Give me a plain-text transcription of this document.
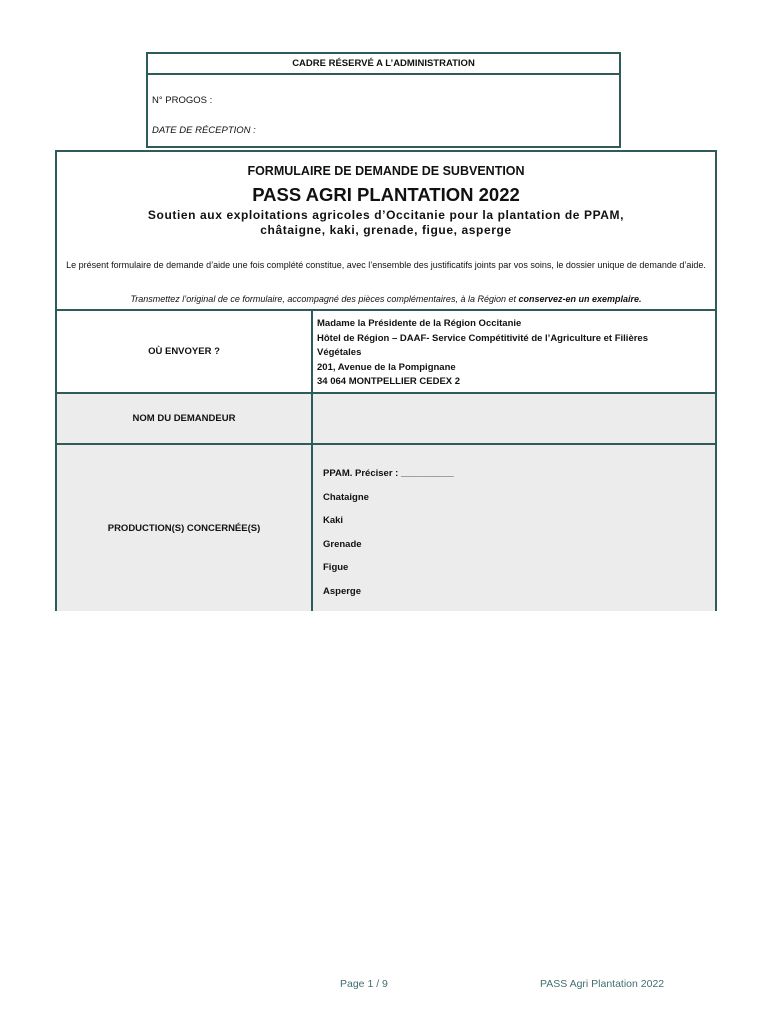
CADRE RÉSERVÉ A L’ADMINISTRATION
N° PROGOS :
DATE DE RÉCEPTION :
FORMULAIRE DE DEMANDE DE SUBVENTION
PASS AGRI PLANTATION 2022
Soutien aux exploitations agricoles d’Occitanie pour la plantation de PPAM, châtaigne, kaki, grenade, figue, asperge
Le présent formulaire de demande d’aide une fois complété constitue, avec l’ensemble des justificatifs joints par vos soins, le dossier unique de demande d’aide.
Transmettez l’original de ce formulaire, accompagné des pièces complémentaires, à la Région et conservez-en un exemplaire.
OÙ ENVOYER ?
Madame la Présidente de la Région Occitanie
Hôtel de Région – DAAF- Service Compétitivité de l’Agriculture et Filières
Végétales
201, Avenue de la Pompignane
34 064 MONTPELLIER CEDEX 2
NOM DU DEMANDEUR
PRODUCTION(S) CONCERNÉE(S)
PPAM. Préciser : __________
Chataigne
Kaki
Grenade
Figue
Asperge
Page 1 / 9	PASS Agri Plantation 2022
